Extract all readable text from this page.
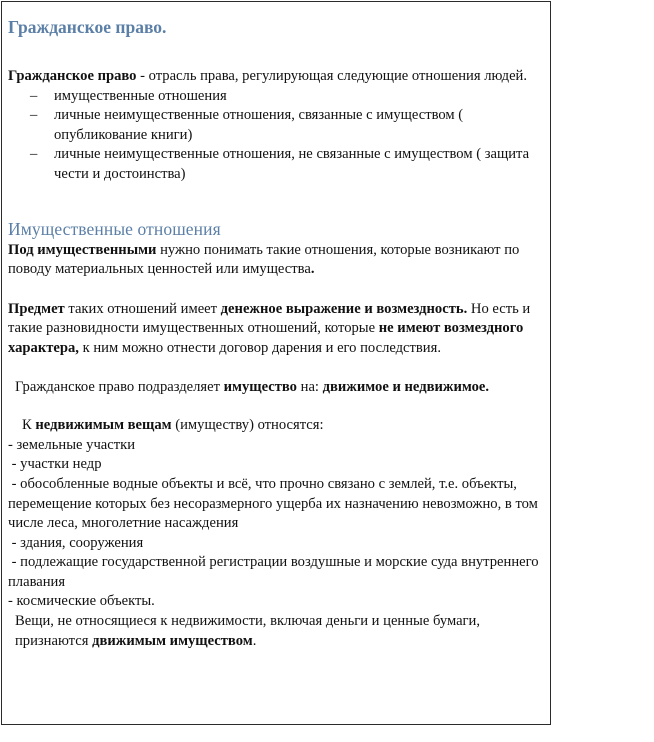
Гражданское право.

Гражданское право - отрасль права, регулирующая следующие отношения людей.

– имущественные отношения
– личные неимущественные отношения, связанные с имуществом ( опубликование книги)
– личные неимущественные отношения, не связанные с имуществом ( защита чести и достоинства)
Имущественные отношения

Под имущественными нужно понимать такие отношения, которые возникают по поводу материальных ценностей или имущества.

Предмет таких отношений имеет денежное выражение и возмездность. Но есть и такие разновидности имущественных отношений, которые не имеют возмездного характера, к ним можно отнести договор дарения и его последствия.

Гражданское право подразделяет имущество на: движимое и недвижимое.

К недвижимым вещам (имуществу) относятся:

- земельные участки

- участки недр

- обособленные водные объекты и всё, что прочно связано с землей, т.е. объекты, перемещение которых без несоразмерного ущерба их назначению невозможно, в том числе леса, многолетние насаждения

- здания, сооружения

- подлежащие государственной регистрации воздушные и морские суда внутреннего плавания

- космические объекты.

Вещи, не относящиеся к недвижимости, включая деньги и ценные бумаги, признаются движимым имуществом.
